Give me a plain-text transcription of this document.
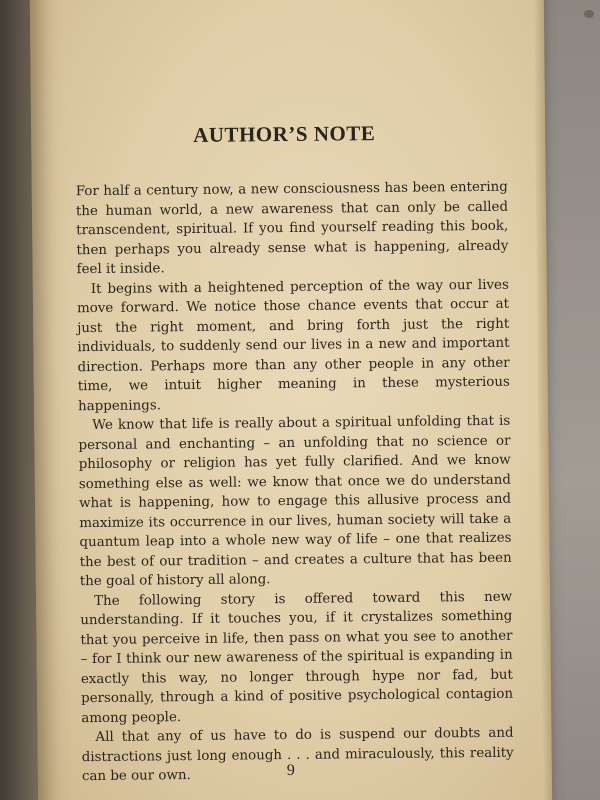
AUTHOR’S NOTE

For half a century now, a new consciousness has been entering the human world, a new awareness that can only be called transcendent, spiritual. If you find yourself reading this book, then perhaps you already sense what is happening, already feel it inside.

It begins with a heightened perception of the way our lives move forward. We notice those chance events that occur at just the right moment, and bring forth just the right individuals, to suddenly send our lives in a new and important direction. Perhaps more than any other people in any other time, we intuit higher meaning in these mysterious happenings.

We know that life is really about a spiritual unfolding that is personal and enchanting – an unfolding that no science or philosophy or religion has yet fully clarified. And we know something else as well: we know that once we do understand what is happening, how to engage this allusive process and maximize its occurrence in our lives, human society will take a quantum leap into a whole new way of life – one that realizes the best of our tradition – and creates a culture that has been the goal of history all along.

The following story is offered toward this new understanding. If it touches you, if it crystalizes something that you perceive in life, then pass on what you see to another – for I think our new awareness of the spiritual is expanding in exactly this way, no longer through hype nor fad, but personally, through a kind of positive psychological contagion among people.

All that any of us have to do is suspend our doubts and distractions just long enough . . . and miraculously, this reality can be our own.	9
